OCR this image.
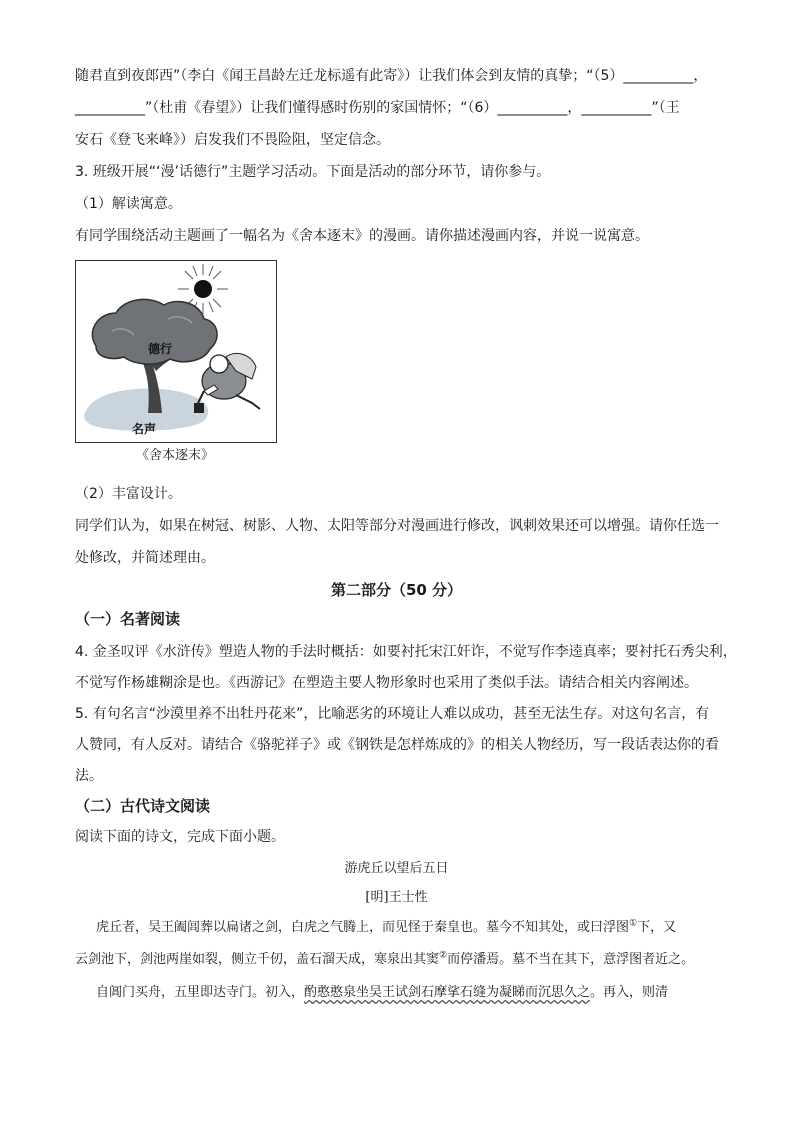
随君直到夜郎西”（李白《闻王昌龄左迁龙标遥有此寄》）让我们体会到友情的真挚；“（5）__________，
__________”（杜甫《春望》）让我们懂得感时伤别的家国情怀；“（6）__________，__________”（王
安石《登飞来峰》）启发我们不畏险阻，坚定信念。
3. 班级开展“‘漫’话德行”主题学习活动。下面是活动的部分环节，请你参与。
（1）解读寓意。
有同学围绕活动主题画了一幅名为《舍本逐末》的漫画。请你描述漫画内容，并说一说寓意。
德行
名声
《舍本逐末》
（2）丰富设计。
同学们认为，如果在树冠、树影、人物、太阳等部分对漫画进行修改，讽刺效果还可以增强。请你任选一
处修改，并简述理由。
第二部分（50 分）
（一）名著阅读
4. 金圣叹评《水浒传》塑造人物的手法时概括：如要衬托宋江奸诈，不觉写作李逵真率；要衬托石秀尖利，
不觉写作杨雄糊涂是也。《西游记》在塑造主要人物形象时也采用了类似手法。请结合相关内容阐述。
5. 有句名言“沙漠里养不出牡丹花来”，比喻恶劣的环境让人难以成功，甚至无法生存。对这句名言，有
人赞同，有人反对。请结合《骆驼祥子》或《钢铁是怎样炼成的》的相关人物经历，写一段话表达你的看
法。
（二）古代诗文阅读
阅读下面的诗文，完成下面小题。
游虎丘以望后五日
[明]王士性
虎丘者，吴王阖闾葬以扁诸之剑，白虎之气腾上，而见怪于秦皇也。墓今不知其处，或曰浮图①下，又
云剑池下，剑池两崖如裂，侧立千仞，盖石溜天成，寒泉出其窦②而停潘焉。墓不当在其下，意浮图者近之。
自阊门买舟，五里即达寺门。初入，酌憨憨泉坐吴王试剑石摩挲石缝为凝睇而沉思久之。再入，则清
